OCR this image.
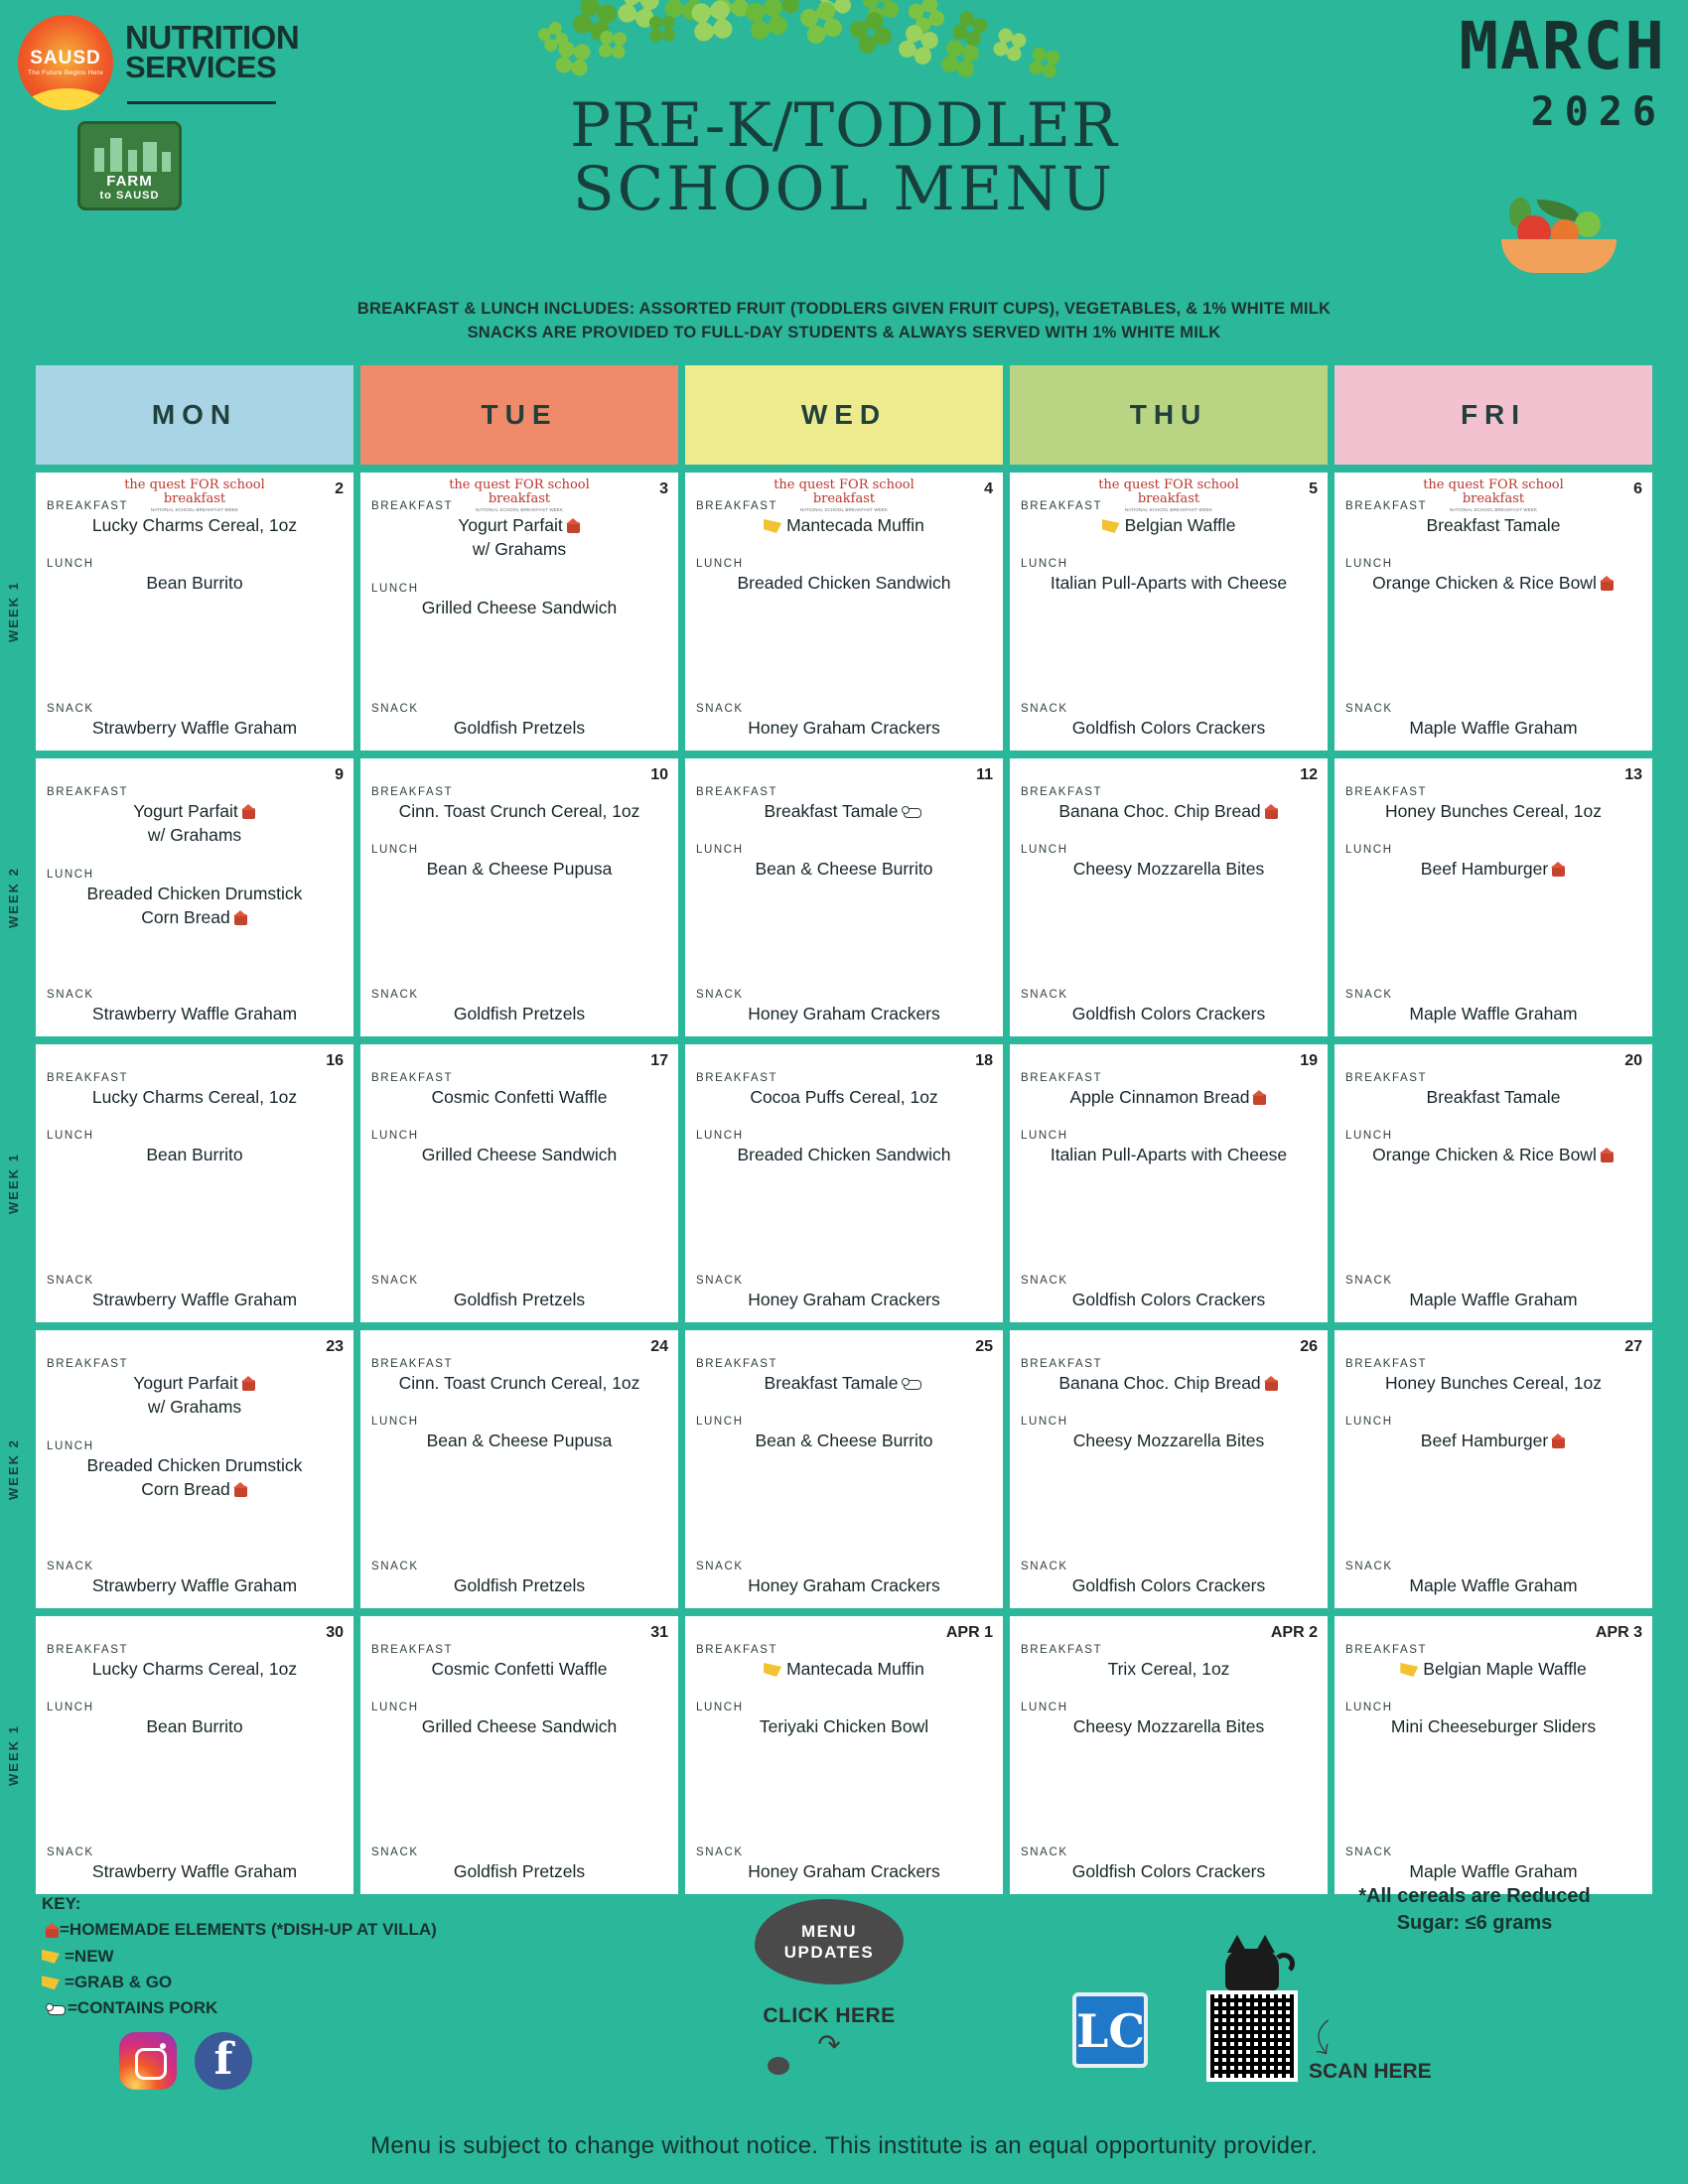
SAUSD
The Future Begins Here
NUTRITION
SERVICES
FARM
to SAUSD
PRE-K/TODDLER
SCHOOL MENU
MARCH
2026
BREAKFAST & LUNCH INCLUDES: ASSORTED FRUIT (TODDLERS GIVEN FRUIT CUPS), VEGETABLES, & 1% WHITE MILK
SNACKS ARE PROVIDED TO FULL-DAY STUDENTS & ALWAYS SERVED WITH 1% WHITE MILK
MON	TUE	WED	THU	FRI
WEEK 1
the quest FOR school breakfast
NATIONAL SCHOOL BREAKFAST WEEK
2
BREAKFAST
Lucky Charms Cereal, 1oz
LUNCH
Bean Burrito
SNACK
Strawberry Waffle Graham
the quest FOR school breakfast
NATIONAL SCHOOL BREAKFAST WEEK
3
BREAKFAST
Yogurt Parfait
w/ Grahams
LUNCH
Grilled Cheese Sandwich
SNACK
Goldfish Pretzels
the quest FOR school breakfast
NATIONAL SCHOOL BREAKFAST WEEK
4
BREAKFAST
Mantecada Muffin
LUNCH
Breaded Chicken Sandwich
SNACK
Honey Graham Crackers
the quest FOR school breakfast
NATIONAL SCHOOL BREAKFAST WEEK
5
BREAKFAST
Belgian Waffle
LUNCH
Italian Pull-Aparts with Cheese
SNACK
Goldfish Colors Crackers
the quest FOR school breakfast
NATIONAL SCHOOL BREAKFAST WEEK
6
BREAKFAST
Breakfast Tamale
LUNCH
Orange Chicken & Rice Bowl
SNACK
Maple Waffle Graham
WEEK 2
9
BREAKFAST
Yogurt Parfait
w/ Grahams
LUNCH
Breaded Chicken Drumstick
Corn Bread
SNACK
Strawberry Waffle Graham
10
BREAKFAST
Cinn. Toast Crunch Cereal, 1oz
LUNCH
Bean & Cheese Pupusa
SNACK
Goldfish Pretzels
11
BREAKFAST
Breakfast Tamale
LUNCH
Bean & Cheese Burrito
SNACK
Honey Graham Crackers
12
BREAKFAST
Banana Choc. Chip Bread
LUNCH
Cheesy Mozzarella Bites
SNACK
Goldfish Colors Crackers
13
BREAKFAST
Honey Bunches Cereal, 1oz
LUNCH
Beef Hamburger
SNACK
Maple Waffle Graham
WEEK 1
16
BREAKFAST
Lucky Charms Cereal, 1oz
LUNCH
Bean Burrito
SNACK
Strawberry Waffle Graham
17
BREAKFAST
Cosmic Confetti Waffle
LUNCH
Grilled Cheese Sandwich
SNACK
Goldfish Pretzels
18
BREAKFAST
Cocoa Puffs Cereal, 1oz
LUNCH
Breaded Chicken Sandwich
SNACK
Honey Graham Crackers
19
BREAKFAST
Apple Cinnamon Bread
LUNCH
Italian Pull-Aparts with Cheese
SNACK
Goldfish Colors Crackers
20
BREAKFAST
Breakfast Tamale
LUNCH
Orange Chicken & Rice Bowl
SNACK
Maple Waffle Graham
WEEK 2
23
BREAKFAST
Yogurt Parfait
w/ Grahams
LUNCH
Breaded Chicken Drumstick
Corn Bread
SNACK
Strawberry Waffle Graham
24
BREAKFAST
Cinn. Toast Crunch Cereal, 1oz
LUNCH
Bean & Cheese Pupusa
SNACK
Goldfish Pretzels
25
BREAKFAST
Breakfast Tamale
LUNCH
Bean & Cheese Burrito
SNACK
Honey Graham Crackers
26
BREAKFAST
Banana Choc. Chip Bread
LUNCH
Cheesy Mozzarella Bites
SNACK
Goldfish Colors Crackers
27
BREAKFAST
Honey Bunches Cereal, 1oz
LUNCH
Beef Hamburger
SNACK
Maple Waffle Graham
WEEK 1
30
BREAKFAST
Lucky Charms Cereal, 1oz
LUNCH
Bean Burrito
SNACK
Strawberry Waffle Graham
31
BREAKFAST
Cosmic Confetti Waffle
LUNCH
Grilled Cheese Sandwich
SNACK
Goldfish Pretzels
APR 1
BREAKFAST
Mantecada Muffin
LUNCH
Teriyaki Chicken Bowl
SNACK
Honey Graham Crackers
APR 2
BREAKFAST
Trix Cereal, 1oz
LUNCH
Cheesy Mozzarella Bites
SNACK
Goldfish Colors Crackers
APR 3
BREAKFAST
Belgian Maple Waffle
LUNCH
Mini Cheeseburger Sliders
SNACK
Maple Waffle Graham
KEY:
=HOMEMADE ELEMENTS (*DISH-UP AT VILLA)
=NEW
=GRAB & GO
=CONTAINS PORK
f
MENU
UPDATES
CLICK HERE
↷	LC	⤴
SCAN HERE
*All cereals are Reduced
Sugar: ≤6 grams
Menu is subject to change without notice. This institute is an equal opportunity provider.
